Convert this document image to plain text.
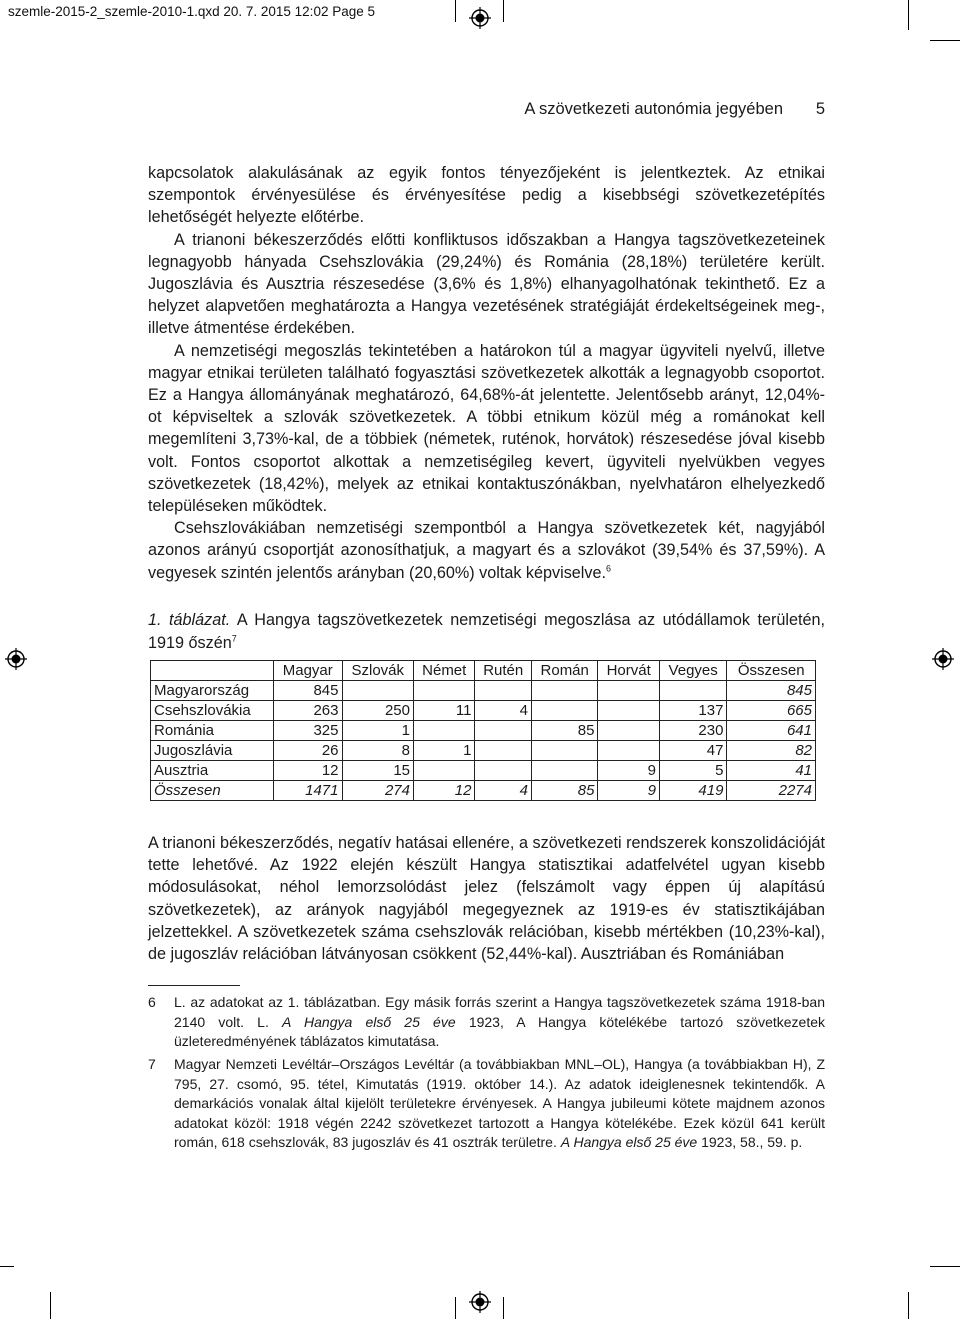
szemle-2015-2_szemle-2010-1.qxd 20. 7. 2015 12:02 Page 5
A szövetkezeti autonómia jegyében 5

kapcsolatok alakulásának az egyik fontos tényezőjeként is jelentkeztek. Az etnikai szempontok érvényesülése és érvényesítése pedig a kisebbségi szövetkezetépítés lehetőségét helyezte előtérbe.

A trianoni békeszerződés előtti konfliktusos időszakban a Hangya tagszövetkezeteinek legnagyobb hányada Csehszlovákia (29,24%) és Románia (28,18%) területére került. Jugoszlávia és Ausztria részesedése (3,6% és 1,8%) elhanyagolhatónak tekinthető. Ez a helyzet alapvetően meghatározta a Hangya vezetésének stratégiáját érdekeltségeinek meg-, illetve átmentése érdekében.

A nemzetiségi megoszlás tekintetében a határokon túl a magyar ügyviteli nyelvű, illetve magyar etnikai területen található fogyasztási szövetkezetek alkották a legnagyobb csoportot. Ez a Hangya állományának meghatározó, 64,68%-át jelentette. Jelentősebb arányt, 12,04%-ot képviseltek a szlovák szövetkezetek. A többi etnikum közül még a románokat kell megemlíteni 3,73%-kal, de a többiek (németek, ruténok, horvátok) részesedése jóval kisebb volt. Fontos csoportot alkottak a nemzetiségileg kevert, ügyviteli nyelvükben vegyes szövetkezetek (18,42%), melyek az etnikai kontaktuszónákban, nyelvhatáron elhelyezkedő településeken működtek.

Csehszlovákiában nemzetiségi szempontból a Hangya szövetkezetek két, nagyjából azonos arányú csoportját azonosíthatjuk, a magyart és a szlovákot (39,54% és 37,59%). A vegyesek szintén jelentős arányban (20,60%) voltak képviselve.$^6$

1. táblázat. A Hangya tagszövetkezetek nemzetiségi megoszlása az utódállamok területén, 1919 őszén$^7$
	Magyar	Szlovák	Német	Rutén	Román	Horvát	Vegyes	Összesen
Magyarország	845							845
Csehszlovákia	263	250	11	4			137	665
Románia	325	1			85		230	641
Jugoszlávia	26	8	1				47	82
Ausztria	12	15				9	5	41
Összesen	1471	274	12	4	85	9	419	2274

A trianoni békeszerződés, negatív hatásai ellenére, a szövetkezeti rendszerek konszolidációját tette lehetővé. Az 1922 elején készült Hangya statisztikai adatfelvétel ugyan kisebb módosulásokat, néhol lemorzsolódást jelez (felszámolt vagy éppen új alapítású szövetkezetek), az arányok nagyjából megegyeznek az 1919-es év statisztikájában jelzettekkel. A szövetkezetek száma csehszlovák relációban, kisebb mértékben (10,23%-kal), de jugoszláv relációban látványosan csökkent (52,44%-kal). Ausztriában és Romániában

6 L. az adatokat az 1. táblázatban. Egy másik forrás szerint a Hangya tagszövetkezetek száma 1918-ban 2140 volt. L. A Hangya első 25 éve 1923, A Hangya kötelékébe tartozó szövetkezetek üzleteredményének táblázatos kimutatása.
7 Magyar Nemzeti Levéltár–Országos Levéltár (a továbbiakban MNL–OL), Hangya (a továbbiakban H), Z 795, 27. csomó, 95. tétel, Kimutatás (1919. október 14.). Az adatok ideiglenesnek tekintendők. A demarkációs vonalak által kijelölt területekre érvényesek. A Hangya jubileumi kötete majdnem azonos adatokat közöl: 1918 végén 2242 szövetkezet tartozott a Hangya kötelékébe. Ezek közül 641 került román, 618 csehszlovák, 83 jugoszláv és 41 osztrák területre. A Hangya első 25 éve 1923, 58., 59. p.
